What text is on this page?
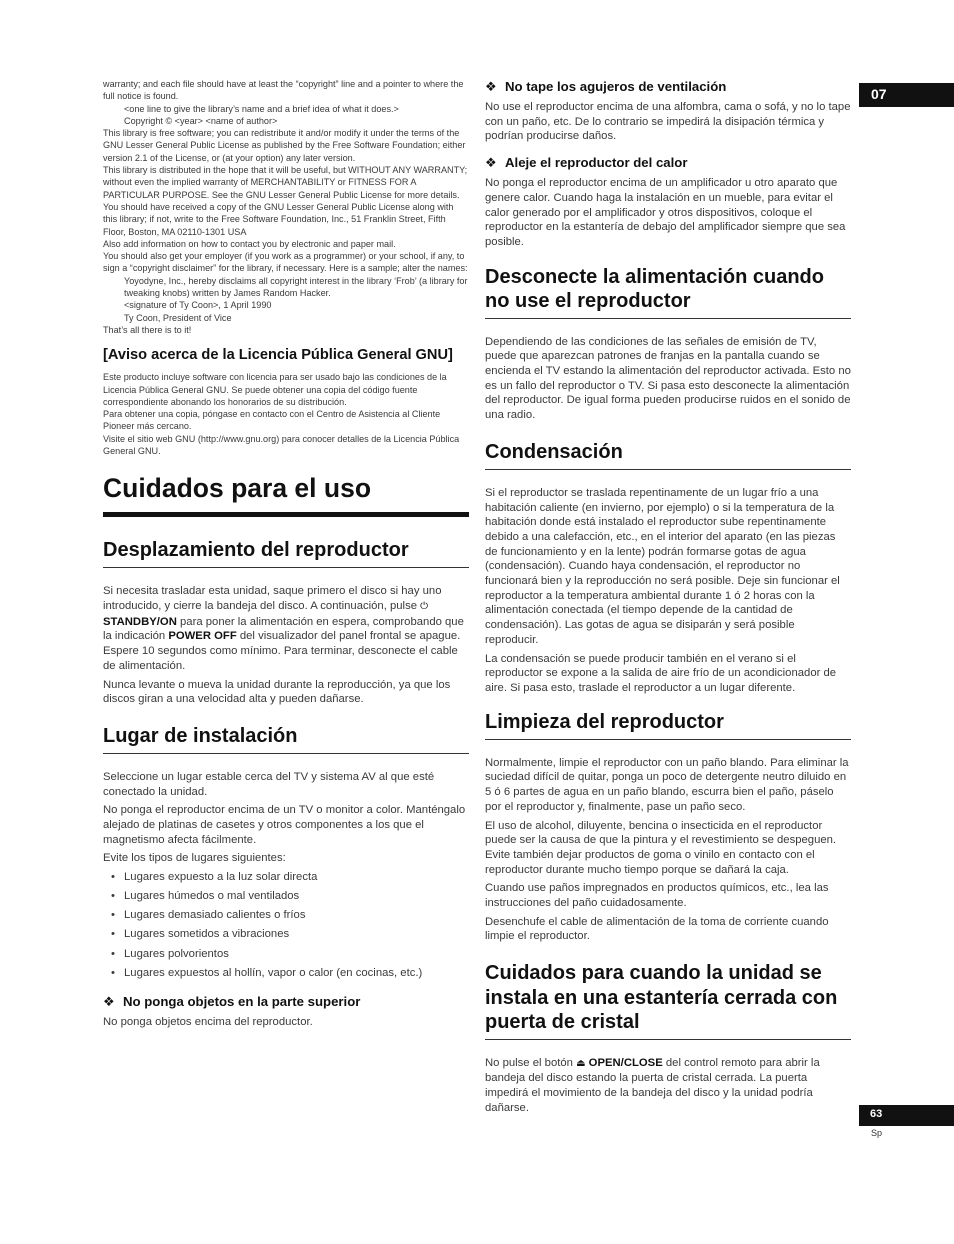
07
63
Sp

warranty; and each file should have at least the “copyright” line and a pointer to where the full notice is found.

<one line to give the library’s name and a brief idea of what it does.>

Copyright © <year> <name of author>

This library is free software; you can redistribute it and/or modify it under the terms of the GNU Lesser General Public License as published by the Free Software Foundation; either version 2.1 of the License, or (at your option) any later version.

This library is distributed in the hope that it will be useful, but WITHOUT ANY WARRANTY; without even the implied warranty of MERCHANTABILITY or FITNESS FOR A PARTICULAR PURPOSE. See the GNU Lesser General Public License for more details.

You should have received a copy of the GNU Lesser General Public License along with this library; if not, write to the Free Software Foundation, Inc., 51 Franklin Street, Fifth Floor, Boston, MA 02110-1301 USA

Also add information on how to contact you by electronic and paper mail.

You should also get your employer (if you work as a programmer) or your school, if any, to sign a “copyright disclaimer” for the library, if necessary. Here is a sample; alter the names:

Yoyodyne, Inc., hereby disclaims all copyright interest in the library ‘Frob’ (a library for tweaking knobs) written by James Random Hacker.

<signature of Ty Coon>, 1 April 1990

Ty Coon, President of Vice

That’s all there is to it!

[Aviso acerca de la Licencia Pública General GNU]

Este producto incluye software con licencia para ser usado bajo las condiciones de la Licencia Pública General GNU. Se puede obtener una copia del código fuente correspondiente abonando los honorarios de su distribución.

Para obtener una copia, póngase en contacto con el Centro de Asistencia al Cliente Pioneer más cercano.

Visite el sitio web GNU (http://www.gnu.org) para conocer detalles de la Licencia Pública General GNU.

Cuidados para el uso
Desplazamiento del reproductor

Si necesita trasladar esta unidad, saque primero el disco si hay uno introducido, y cierre la bandeja del disco. A continuación, pulse ⏻ STANDBY/ON para poner la alimentación en espera, comprobando que la indicación POWER OFF del visualizador del panel frontal se apague. Espere 10 segundos como mínimo. Para terminar, desconecte el cable de alimentación.

Nunca levante o mueva la unidad durante la reproducción, ya que los discos giran a una velocidad alta y pueden dañarse.

Lugar de instalación

Seleccione un lugar estable cerca del TV y sistema AV al que esté conectado la unidad.

No ponga el reproductor encima de un TV o monitor a color. Manténgalo alejado de platinas de casetes y otros componentes a los que el magnetismo afecta fácilmente.

Evite los tipos de lugares siguientes:

• Lugares expuesto a la luz solar directa
• Lugares húmedos o mal ventilados
• Lugares demasiado calientes o fríos
• Lugares sometidos a vibraciones
• Lugares polvorientos
• Lugares expuestos al hollín, vapor o calor (en cocinas, etc.)
❖ No ponga objetos en la parte superior

No ponga objetos encima del reproductor.

❖ No tape los agujeros de ventilación

No use el reproductor encima de una alfombra, cama o sofá, y no lo tape con un paño, etc. De lo contrario se impedirá la disipación térmica y podrían producirse daños.

❖ Aleje el reproductor del calor

No ponga el reproductor encima de un amplificador u otro aparato que genere calor. Cuando haga la instalación en un mueble, para evitar el calor generado por el amplificador y otros dispositivos, coloque el reproductor en la estantería de debajo del amplificador siempre que sea posible.

Desconecte la alimentación cuando no use el reproductor

Dependiendo de las condiciones de las señales de emisión de TV, puede que aparezcan patrones de franjas en la pantalla cuando se encienda el TV estando la alimentación del reproductor activada. Esto no es un fallo del reproductor o TV. Si pasa esto desconecte la alimentación del reproductor. De igual forma pueden producirse ruidos en el sonido de una radio.

Condensación

Si el reproductor se traslada repentinamente de un lugar frío a una habitación caliente (en invierno, por ejemplo) o si la temperatura de la habitación donde está instalado el reproductor sube repentinamente debido a una calefacción, etc., en el interior del aparato (en las piezas de funcionamiento y en la lente) podrán formarse gotas de agua (condensación). Cuando haya condensación, el reproductor no funcionará bien y la reproducción no será posible. Deje sin funcionar el reproductor a la temperatura ambiental durante 1 ó 2 horas con la alimentación conectada (el tiempo depende de la cantidad de condensación). Las gotas de agua se disiparán y será posible reproducir.

La condensación se puede producir también en el verano si el reproductor se expone a la salida de aire frío de un acondicionador de aire. Si pasa esto, traslade el reproductor a un lugar diferente.

Limpieza del reproductor

Normalmente, limpie el reproductor con un paño blando. Para eliminar la suciedad difícil de quitar, ponga un poco de detergente neutro diluido en 5 ó 6 partes de agua en un paño blando, escurra bien el paño, páselo por el reproductor y, finalmente, pase un paño seco.

El uso de alcohol, diluyente, bencina o insecticida en el reproductor puede ser la causa de que la pintura y el revestimiento se despeguen. Evite también dejar productos de goma o vinilo en contacto con el reproductor durante mucho tiempo porque se dañará la caja.

Cuando use paños impregnados en productos químicos, etc., lea las instrucciones del paño cuidadosamente.

Desenchufe el cable de alimentación de la toma de corriente cuando limpie el reproductor.

Cuidados para cuando la unidad se instala en una estantería cerrada con puerta de cristal

No pulse el botón ⏏ OPEN/CLOSE del control remoto para abrir la bandeja del disco estando la puerta de cristal cerrada. La puerta impedirá el movimiento de la bandeja del disco y la unidad podría dañarse.
